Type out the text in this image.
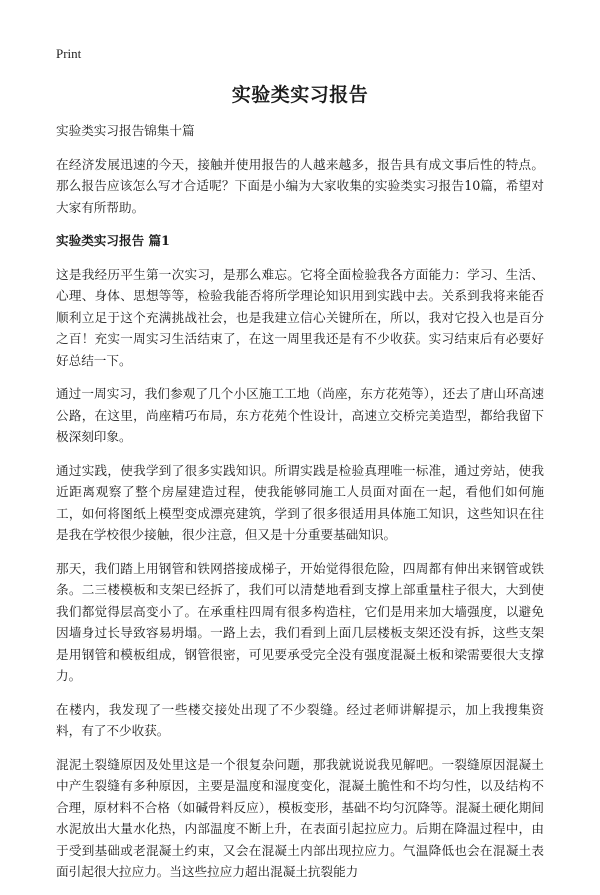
Print
实验类实习报告

实验类实习报告锦集十篇

在经济发展迅速的今天，接触并使用报告的人越来越多，报告具有成文事后性的特点。那么报告应该怎么写才合适呢？下面是小编为大家收集的实验类实习报告10篇，希望对大家有所帮助。

实验类实习报告 篇1

这是我经历平生第一次实习，是那么难忘。它将全面检验我各方面能力：学习、生活、心理、身体、思想等等，检验我能否将所学理论知识用到实践中去。关系到我将来能否顺利立足于这个充满挑战社会，也是我建立信心关键所在，所以，我对它投入也是百分之百！充实一周实习生活结束了，在这一周里我还是有不少收获。实习结束后有必要好好总结一下。

通过一周实习，我们参观了几个小区施工工地（尚座，东方花苑等），还去了唐山环高速公路，在这里，尚座精巧布局，东方花苑个性设计，高速立交桥完美造型，都给我留下极深刻印象。

通过实践，使我学到了很多实践知识。所谓实践是检验真理唯一标准，通过旁站，使我近距离观察了整个房屋建造过程，使我能够同施工人员面对面在一起，看他们如何施工，如何将图纸上模型变成漂亮建筑，学到了很多很适用具体施工知识，这些知识在往是我在学校很少接触，很少注意，但又是十分重要基础知识。

那天，我们踏上用钢管和铁网搭接成梯子，开始觉得很危险，四周都有伸出来钢管或铁条。二三楼模板和支架已经拆了，我们可以清楚地看到支撑上部重量柱子很大，大到使我们都觉得层高变小了。在承重柱四周有很多构造柱，它们是用来加大墙强度，以避免因墙身过长导致容易坍塌。一路上去，我们看到上面几层楼板支架还没有拆，这些支架是用钢管和模板组成，钢管很密，可见要承受完全没有强度混凝土板和梁需要很大支撑力。

在楼内，我发现了一些楼交接处出现了不少裂缝。经过老师讲解提示，加上我搜集资料，有了不少收获。

混泥土裂缝原因及处里这是一个很复杂问题，那我就说说我见解吧。一裂缝原因混凝土中产生裂缝有多种原因，主要是温度和湿度变化，混凝土脆性和不均匀性，以及结构不合理，原材料不合格（如碱骨料反应），模板变形，基础不均匀沉降等。混凝土硬化期间水泥放出大量水化热，内部温度不断上升，在表面引起拉应力。后期在降温过程中，由于受到基础或老混凝土约束，又会在混凝土内部出现拉应力。气温降低也会在混凝土表面引起很大拉应力。当这些拉应力超出混凝土抗裂能力
